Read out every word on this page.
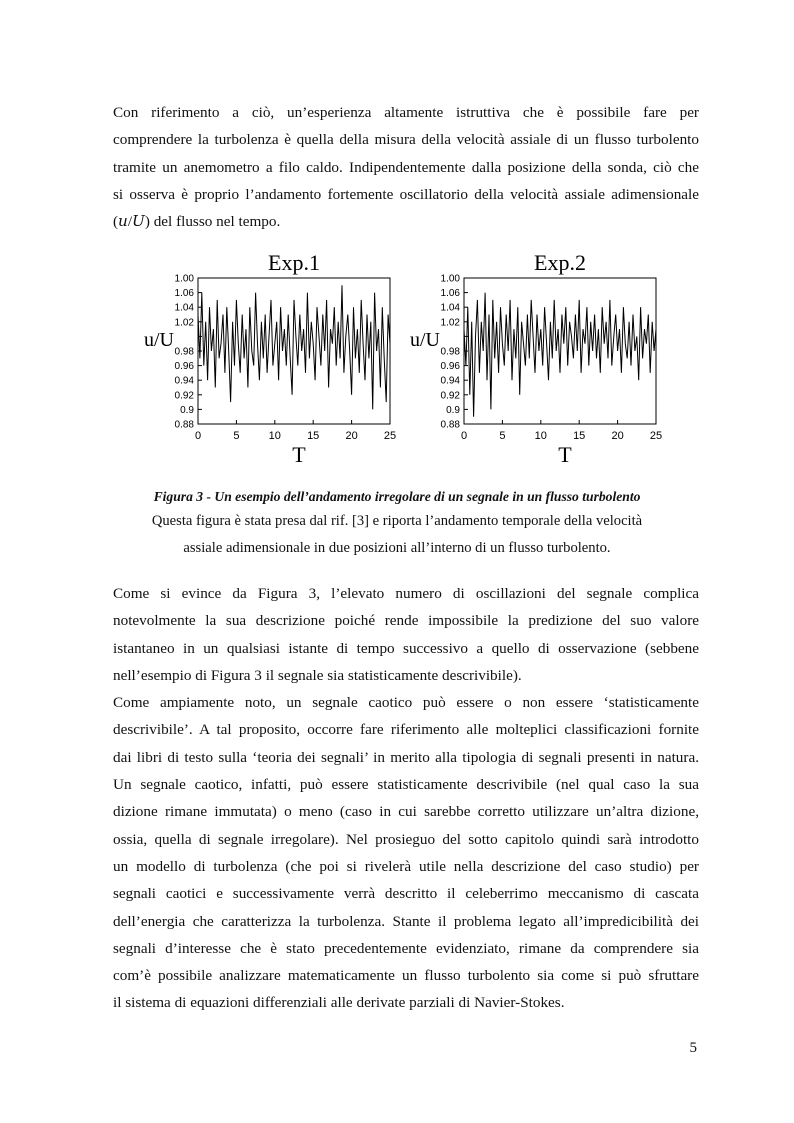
Con riferimento a ciò, un’esperienza altamente istruttiva che è possibile fare per
comprendere la turbolenza è quella della misura della velocità assiale di un flusso turbolento
tramite un anemometro a filo caldo. Indipendentemente dalla posizione della sonda, ciò che
si osserva è proprio l’andamento fortemente oscillatorio della velocità assiale adimensionale
(𝑢/𝑈) del flusso nel tempo.
Exp.1
u/U
T
0.88
0.9
0.92
0.94
0.96
0.98
1.02
1.04
1.06
1.00
0	5	10 15 20 25
Exp.2
u/U
T
0.88
0.9
0.92
0.94
0.96
0.98
1.02
1.04
1.06
1.00
0	5	10 15 20 25
Figura 3 - Un esempio dell’andamento irregolare di un segnale in un flusso turbolento
Questa figura è stata presa dal rif. [3] e riporta l’andamento temporale della velocità
assiale adimensionale in due posizioni all’interno di un flusso turbolento.
Come si evince da Figura 3, l’elevato numero di oscillazioni del segnale complica
notevolmente la sua descrizione poiché rende impossibile la predizione del suo valore
istantaneo in un qualsiasi istante di tempo successivo a quello di osservazione (sebbene
nell’esempio di Figura 3 il segnale sia statisticamente descrivibile).
Come ampiamente noto, un segnale caotico può essere o non essere ‘statisticamente
descrivibile’. A tal proposito, occorre fare riferimento alle molteplici classificazioni fornite
dai libri di testo sulla ‘teoria dei segnali’ in merito alla tipologia di segnali presenti in natura.
Un segnale caotico, infatti, può essere statisticamente descrivibile (nel qual caso la sua
dizione rimane immutata) o meno (caso in cui sarebbe corretto utilizzare un’altra dizione,
ossia, quella di segnale irregolare). Nel prosieguo del sotto capitolo quindi sarà introdotto
un modello di turbolenza (che poi si rivelerà utile nella descrizione del caso studio) per
segnali caotici e successivamente verrà descritto il celeberrimo meccanismo di cascata
dell’energia che caratterizza la turbolenza. Stante il problema legato all’impredicibilità dei
segnali d’interesse che è stato precedentemente evidenziato, rimane da comprendere sia
com’è possibile analizzare matematicamente un flusso turbolento sia come si può sfruttare
il sistema di equazioni differenziali alle derivate parziali di Navier-Stokes.
5
